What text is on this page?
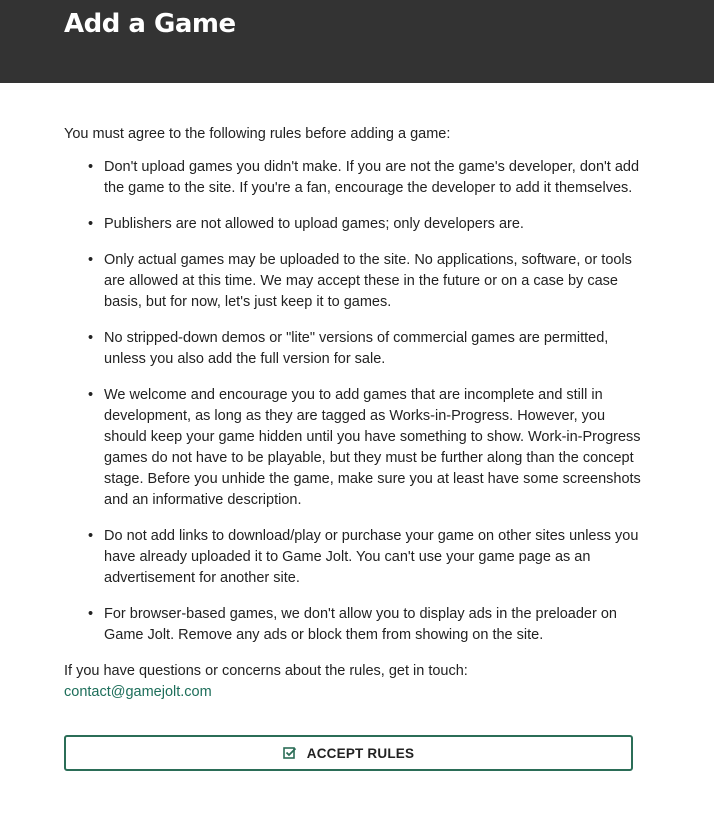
Add a Game

You must agree to the following rules before adding a game:

• Don't upload games you didn't make. If you are not the game's developer, don't add the game to the site. If you're a fan, encourage the developer to add it themselves.
• Publishers are not allowed to upload games; only developers are.
• Only actual games may be uploaded to the site. No applications, software, or tools are allowed at this time. We may accept these in the future or on a case by case basis, but for now, let's just keep it to games.
• No stripped-down demos or "lite" versions of commercial games are permitted, unless you also add the full version for sale.
• We welcome and encourage you to add games that are incomplete and still in development, as long as they are tagged as Works-in-Progress. However, you should keep your game hidden until you have something to show. Work-in-Progress games do not have to be playable, but they must be further along than the concept stage. Before you unhide the game, make sure you at least have some screenshots and an informative description.
• Do not add links to download/play or purchase your game on other sites unless you have already uploaded it to Game Jolt. You can't use your game page as an advertisement for another site.
• For browser-based games, we don't allow you to display ads in the preloader on Game Jolt. Remove any ads or block them from showing on the site.

If you have questions or concerns about the rules, get in touch:
contact@gamejolt.com

ACCEPT RULES
